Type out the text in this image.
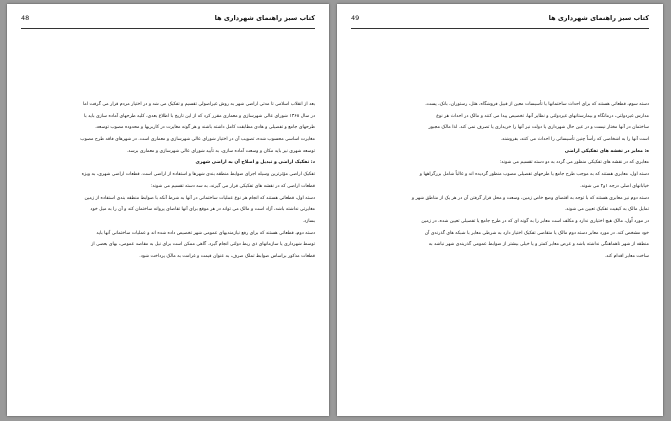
کتاب سبز راهنمای شهرداری ها
48
بعد از انقلاب اسلامی تا مدتی اراضی شهر به روش غیراصولی تقسیم و تفکیک می شد و در اختیار مردم قرار می گرفت اما
در سال ۱۳۶۸ شورای عالی شهرسازی و معماری مقرر کرد که از این تاریخ با اطلاع بعدی، کلیه طرحهای آماده سازی باید با
طرحهای جامع و تفصیلی و هادی مطابقت کامل داشته باشند و هر گونه مغایرت در کاربریها و محدوده مصوب توسعه،
مغایرت اساسی محسوب شده، تصویب آن در اختیار شورای عالی شهرسازی و معماری است. در شهرهای فاقد طرح مصوب
توسعه شهری نیز باید مکان و وسعت آماده سازی، به تأیید شورای عالی شهرسازی و معماری برسد.
د: تفکیک اراضی و تبدیل و اصلاح آن به اراضی شهری
تفکیک اراضی مؤثرترین وسیله اجرای ضوابط منطقه بندی شهرها و استفاده از اراضی است. قطعات اراضی شهری، به ویژه
قطعات اراضی که در نقشه های تفکیکی قرار می گیرند، به سه دسته تقسیم می شوند:
دسته اول، قطعاتی هستند که انجام هر نوع عملیات ساختمانی در آنها به شرط آنکه با ضوابط منطقه بندی استفاده از زمین
مغایرتی نداشته باشد، آزاد است و مالک می تواند در هر موقع برای آنها تقاضای پروانه ساختمان کند و آن را به میل خود
بسازد.
دسته دوم، قطعاتی هستند که برای رفع نیازمندیهای عمومی شهر تخصیص داده شده اند و عملیات ساختمانی آنها باید
توسط شهرداری یا سازمانهای ذی ربط دولتی انجام گیرد. گاهی ممکن است برای نیل به مقاصد عمومی، بهای بعضی از
قطعات مذکور براساس ضوابط تملک صرف، به عنوان قیمت و غرامت به مالک پرداخت شود.
کتاب سبز راهنمای شهرداری ها
49
دسته سوم، قطعاتی هستند که برای احداث ساختمانها یا تأسیسات معین از قبیل فروشگاه، هتل، رستوران، بانک، پست،
مدارس غیردولتی، درمانگاه و بیمارستانهای غیردولتی و نظایر آنها، تخصیص پیدا می کنند و مالک در احداث هر نوع
ساختمان در آنها مختار نیست و در عین حال شهرداری یا دولت نیز آنها را خریداری یا تصرف نمی کند. لذا مالک مجبور
است آنها را به اشخاصی که رأساً چنین تأسیساتی را احداث می کنند، بفروشند.
ه: معابر در نقشه های تفکیکی اراضی
معابری که در نقشه های تفکیکی منظور می گردد به دو دسته تقسیم می شوند:
دسته اول، معابری هستند که به موجب طرح جامع یا طرحهای تفصیلی مصوب منظور گردیده اند و غالباً شامل بزرگراهها و
خیابانهای اصلی درجه ۱و۲ می شوند.
دسته دوم نیز معابری هستند که با توجه به اقتضای وضع خاص زمین، وسعت و محل قرار گرفتن آن در هر یک از مناطق شهر و
تمایل مالک به کیفیت تفکیک تعیین می شوند.
در مورد اّول، مالک هیچ اختیاری ندارد و مکلف است معابر را به گونه ای که در طرح جامع یا تفصیلی تعیین شده، در زمین
خود مشخص کند. در مورد معابر دسته دوم مالک یا متقاضی تفکیک اختیار دارد به شرطی معابر با شبکه های گذرندی آن
منطقه از شهر ناهماهنگی نداشته باشد و عرض معابر کمتر و یا خیلی بیشتر از ضوابط عمومی گذربندی شهر نباشد به
ساخت معابر اقدام کند.
